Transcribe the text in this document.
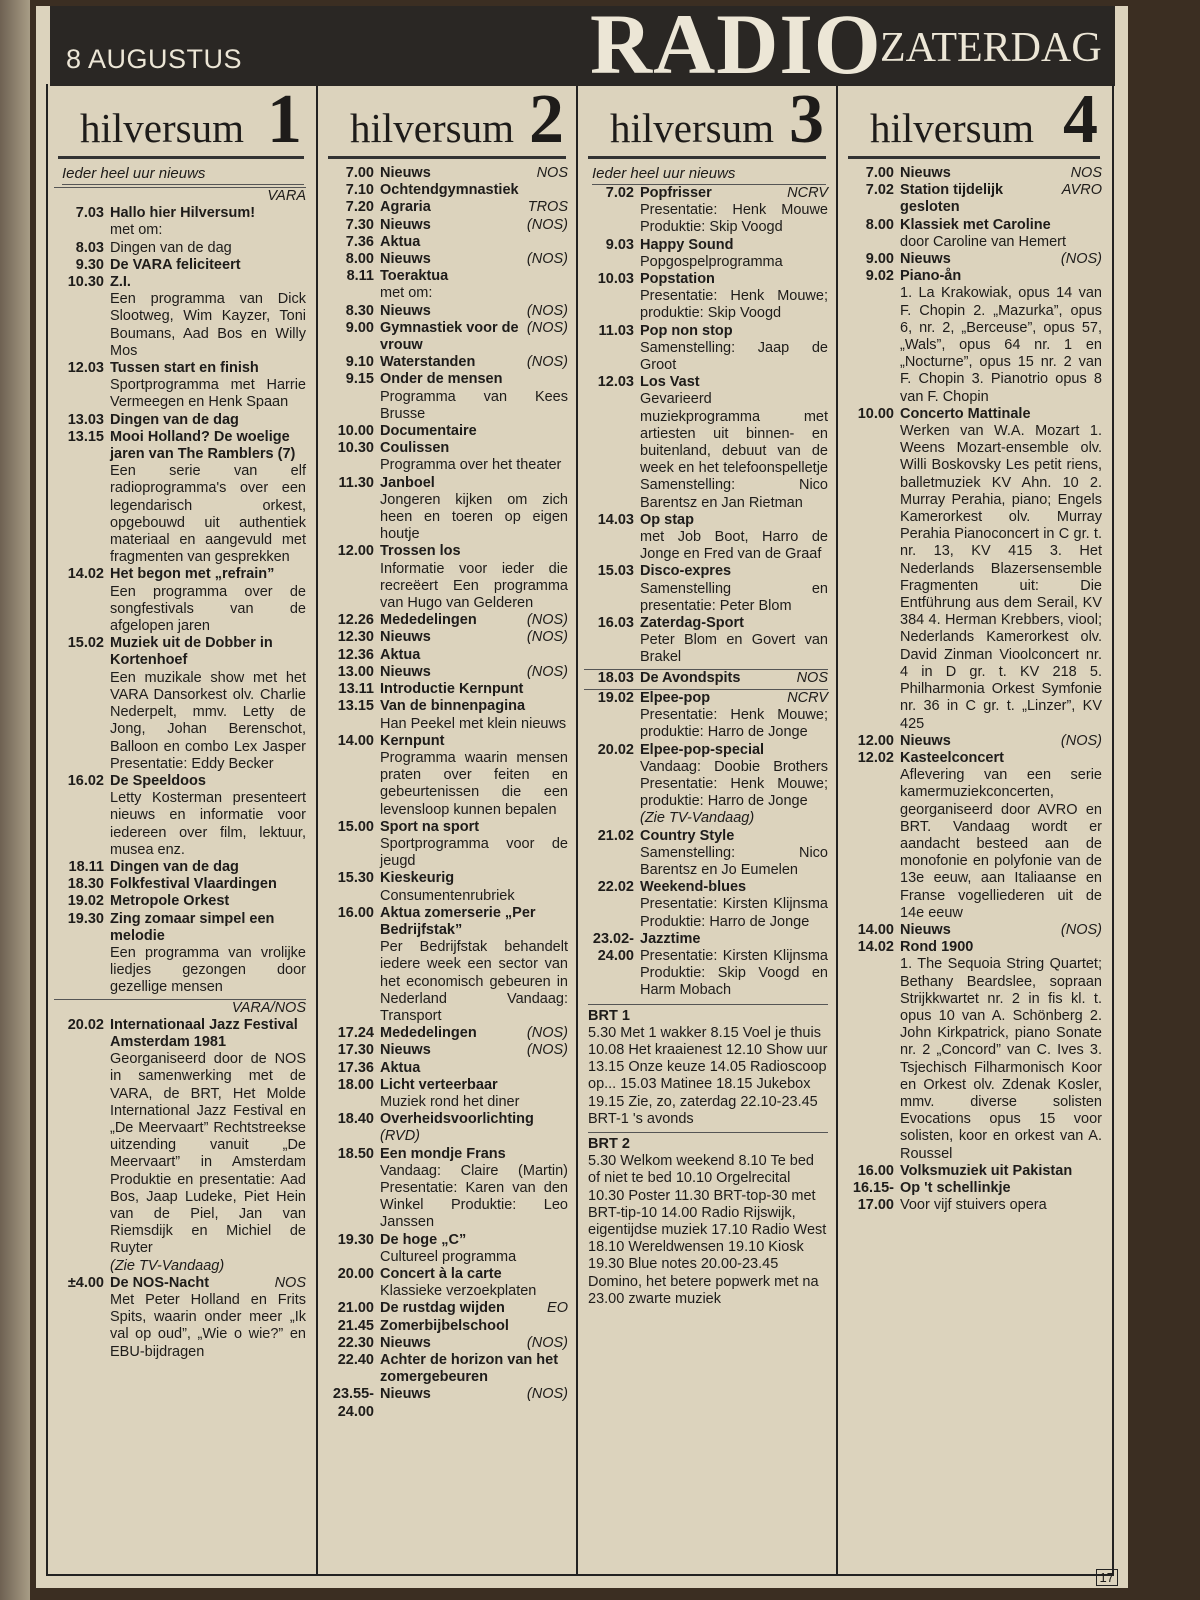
8 AUGUSTUS	RADIO
ZATERDAG
hilversum 1
Ieder heel uur nieuws
VARA
7.03 Hallo hier Hilversum!
met om:
8.03 Dingen van de dag
9.30 De VARA feliciteert
10.30 Z.I.
Een programma van Dick Slootweg, Wim Kayzer, Toni Boumans, Aad Bos en Willy Mos
12.03 Tussen start en finish
Sportprogramma met Harrie Vermeegen en Henk Spaan
13.03 Dingen van de dag
13.15 Mooi Holland? De woelige jaren van The Ramblers (7)
Een serie van elf radioprogramma's over een legendarisch orkest, opgebouwd uit authentiek materiaal en aangevuld met fragmenten van gesprekken
14.02 Het begon met „refrain”
Een programma over de songfestivals van de afgelopen jaren
15.02 Muziek uit de Dobber in Kortenhoef
Een muzikale show met het VARA Dansorkest olv. Charlie Nederpelt, mmv. Letty de Jong, Johan Berenschot, Balloon en combo Lex Jasper Presentatie: Eddy Becker
16.02 De Speeldoos
Letty Kosterman presenteert nieuws en informatie voor iedereen over film, lektuur, musea enz.
18.11 Dingen van de dag
18.30 Folkfestival Vlaardingen
19.02 Metropole Orkest
19.30 Zing zomaar simpel een melodie
Een programma van vrolijke liedjes gezongen door gezellige mensen
VARA/NOS
20.02 Internationaal Jazz Festival Amsterdam 1981
Georganiseerd door de NOS in samenwerking met de VARA, de BRT, Het Molde International Jazz Festival en „De Meervaart” Rechtstreekse uitzending vanuit „De Meervaart” in Amsterdam Produktie en presentatie: Aad Bos, Jaap Ludeke, Piet Hein van de Piel, Jan van Riemsdijk en Michiel de Ruyter
(Zie TV-Vandaag)
±4.00 De NOS-Nacht	NOS
Met Peter Holland en Frits Spits, waarin onder meer „Ik val op oud”, „Wie o wie?” en EBU-bijdragen
hilversum 2
7.00 Nieuws	NOS
7.10 Ochtendgymnastiek
7.20 Agraria	TROS
7.30 Nieuws	(NOS)
7.36 Aktua
8.00 Nieuws	(NOS)
8.11 Toeraktua
met om:
8.30 Nieuws	(NOS)
9.00 Gymnastiek voor de vrouw
(NOS)
9.10 Waterstanden	(NOS)
9.15 Onder de mensen
Programma van Kees Brusse
10.00 Documentaire
10.30 Coulissen
Programma over het theater
11.30 Janboel
Jongeren kijken om zich heen en toeren op eigen houtje
12.00 Trossen los
Informatie voor ieder die recreëert Een programma van Hugo van Gelderen
12.26 Mededelingen	(NOS)
12.30 Nieuws	(NOS)
12.36 Aktua
13.00 Nieuws	(NOS)
13.11 Introductie Kernpunt
13.15 Van de binnenpagina
Han Peekel met klein nieuws
14.00 Kernpunt
Programma waarin mensen praten over feiten en gebeurtenissen die een levensloop kunnen bepalen
15.00 Sport na sport
Sportprogramma voor de jeugd
15.30 Kieskeurig
Consumentenrubriek
16.00 Aktua zomerserie „Per Bedrijfstak”
Per Bedrijfstak behandelt iedere week een sector van het economisch gebeuren in Nederland Vandaag: Transport
17.24 Mededelingen	(NOS)
17.30 Nieuws	(NOS)
17.36 Aktua
18.00 Licht verteerbaar
Muziek rond het diner
18.40 Overheidsvoorlichting
(RVD)
18.50 Een mondje Frans
Vandaag: Claire (Martin) Presentatie: Karen van den Winkel Produktie: Leo Janssen
19.30 De hoge „C”
Cultureel programma
20.00 Concert à la carte
Klassieke verzoekplaten
21.00 De rustdag wijden	EO
21.45 Zomerbijbelschool
22.30 Nieuws	(NOS)
22.40 Achter de horizon van het zomergebeuren
23.55-24.00
Nieuws	(NOS)
hilversum 3
Ieder heel uur nieuws
7.02 Popfrisser	NCRV
Presentatie: Henk Mouwe Produktie: Skip Voogd
9.03 Happy Sound
Popgospelprogramma
10.03 Popstation
Presentatie: Henk Mouwe; produktie: Skip Voogd
11.03 Pop non stop
Samenstelling: Jaap de Groot
12.03 Los Vast
Gevarieerd muziekprogramma met artiesten uit binnen- en buitenland, debuut van de week en het telefoonspelletje Samenstelling: Nico Barentsz en Jan Rietman
14.03 Op stap
met Job Boot, Harro de Jonge en Fred van de Graaf
15.03 Disco-expres
Samenstelling en presentatie: Peter Blom
16.03 Zaterdag-Sport
Peter Blom en Govert van Brakel
18.03 De Avondspits	NOS
19.02 Elpee-pop	NCRV
Presentatie: Henk Mouwe; produktie: Harro de Jonge
20.02 Elpee-pop-special
Vandaag: Doobie Brothers Presentatie: Henk Mouwe; produktie: Harro de Jonge
(Zie TV-Vandaag)
21.02 Country Style
Samenstelling: Nico Barentsz en Jo Eumelen
22.02 Weekend-blues
Presentatie: Kirsten Klijnsma Produktie: Harro de Jonge
23.02-24.00
Jazztime
Presentatie: Kirsten Klijnsma Produktie: Skip Voogd en Harm Mobach
BRT 1
5.30 Met 1 wakker 8.15 Voel je thuis 10.08 Het kraaienest 12.10 Show uur 13.15 Onze keuze 14.05 Radioscoop op... 15.03 Matinee 18.15 Jukebox 19.15 Zie, zo, zaterdag 22.10-23.45 BRT-1 's avonds
BRT 2
5.30 Welkom weekend 8.10 Te bed of niet te bed 10.10 Orgelrecital 10.30 Poster 11.30 BRT-top-30 met BRT-tip-10 14.00 Radio Rijswijk, eigentijdse muziek 17.10 Radio West 18.10 Wereldwensen 19.10 Kiosk 19.30 Blue notes 20.00-23.45 Domino, het betere popwerk met na 23.00 zwarte muziek
hilversum 4
7.00 Nieuws	NOS
7.02 Station tijdelijk gesloten
AVRO
8.00 Klassiek met Caroline
door Caroline van Hemert
9.00 Nieuws	(NOS)
9.02 Piano-ån
1. La Krakowiak, opus 14 van F. Chopin 2. „Mazurka”, opus 6, nr. 2, „Berceuse”, opus 57, „Wals”, opus 64 nr. 1 en „Nocturne”, opus 15 nr. 2 van F. Chopin 3. Pianotrio opus 8 van F. Chopin
10.00 Concerto Mattinale
Werken van W.A. Mozart 1. Weens Mozart-ensemble olv. Willi Boskovsky Les petit riens, balletmuziek KV Ahn. 10 2. Murray Perahia, piano; Engels Kamerorkest olv. Murray Perahia Pianoconcert in C gr. t. nr. 13, KV 415 3. Het Nederlands Blazersensemble Fragmenten uit: Die Entführung aus dem Serail, KV 384 4. Herman Krebbers, viool; Nederlands Kamerorkest olv. David Zinman Vioolconcert nr. 4 in D gr. t. KV 218 5. Philharmonia Orkest Symfonie nr. 36 in C gr. t. „Linzer”, KV 425
12.00 Nieuws	(NOS)
12.02 Kasteelconcert
Aflevering van een serie kamermuziekconcerten, georganiseerd door AVRO en BRT. Vandaag wordt er aandacht besteed aan de monofonie en polyfonie van de 13e eeuw, aan Italiaanse en Franse vogelliederen uit de 14e eeuw
14.00 Nieuws	(NOS)
14.02 Rond 1900
1. The Sequoia String Quartet; Bethany Beardslee, sopraan Strijkkwartet nr. 2 in fis kl. t. opus 10 van A. Schönberg 2. John Kirkpatrick, piano Sonate nr. 2 „Concord” van C. Ives 3. Tsjechisch Filharmonisch Koor en Orkest olv. Zdenak Kosler, mmv. diverse solisten Evocations opus 15 voor solisten, koor en orkest van A. Roussel
16.00 Volksmuziek uit Pakistan
16.15-17.00
Op 't schellinkje
Voor vijf stuivers opera
17
